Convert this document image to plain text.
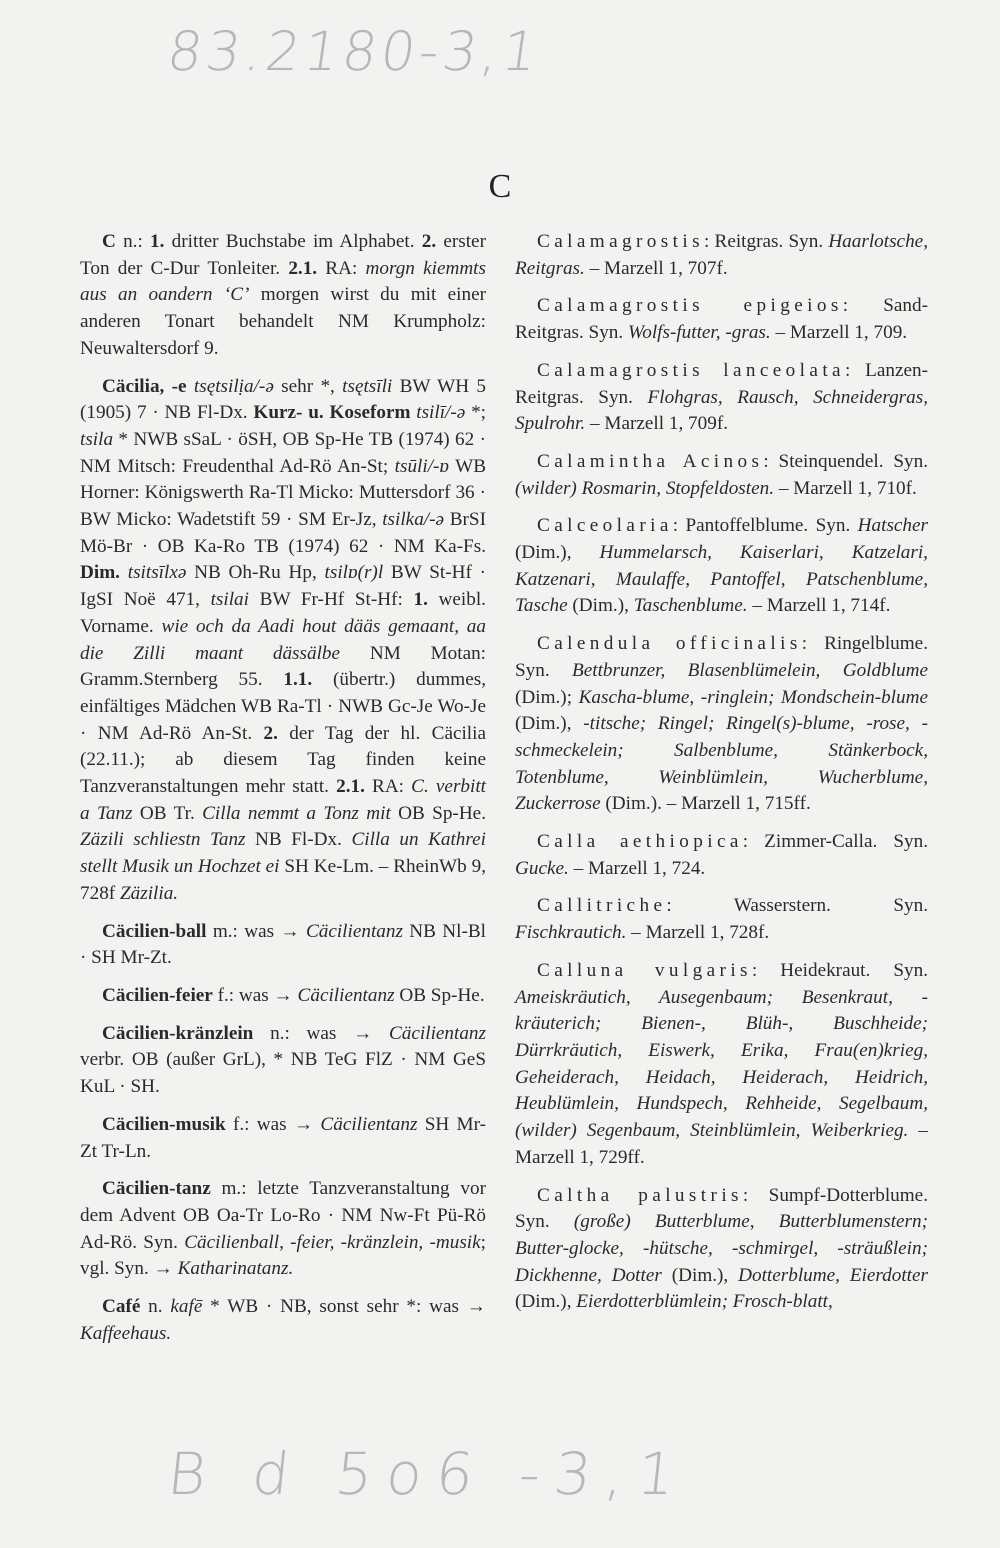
83.2180-3,1
C

C n.: 1. dritter Buchstabe im Alphabet. 2. erster Ton der C-Dur Tonleiter. 2.1. RA: morgn kiemmts aus an oandern ‘C’ morgen wirst du mit einer anderen Tonart behandelt NM Krumpholz: Neuwaltersdorf 9.

Cäcilia, -e tsętsilịa/-ə sehr *, tsętsīli BW WH 5 (1905) 7 · NB Fl-Dx. Kurz- u. Koseform tsilī/-ə *; tsila * NWB sSaL · öSH, OB Sp-He TB (1974) 62 · NM Mitsch: Freudenthal Ad-Rö An-St; tsūli/-ɒ WB Horner: Königswerth Ra-Tl Micko: Muttersdorf 36 · BW Micko: Wadetstift 59 · SM Er-Jz, tsilka/-ə BrSI Mö-Br · OB Ka-Ro TB (1974) 62 · NM Ka-Fs. Dim. tsitsīlxə NB Oh-Ru Hp, tsilɒ(r)l BW St-Hf · IgSI Noë 471, tsilai BW Fr-Hf St-Hf: 1. weibl. Vorname. wie och da Aadi hout dääs gemaant, aa die Zilli maant dässälbe NM Motan: Gramm.Sternberg 55. 1.1. (übertr.) dummes, einfältiges Mädchen WB Ra-Tl · NWB Gc-Je Wo-Je · NM Ad-Rö An-St. 2. der Tag der hl. Cäcilia (22.11.); ab diesem Tag finden keine Tanzveranstaltungen mehr statt. 2.1. RA: C. verbitt a Tanz OB Tr. Cilla nemmt a Tonz mit OB Sp-He. Zäzili schliestn Tanz NB Fl-Dx. Cilla un Kathrei stellt Musik un Hochzet ei SH Ke-Lm. – RheinWb 9, 728f Zäzilia.

Cäcilien-ball m.: was → Cäcilientanz NB Nl-Bl · SH Mr-Zt.

Cäcilien-feier f.: was → Cäcilientanz OB Sp-He.

Cäcilien-kränzlein n.: was → Cäcilientanz verbr. OB (außer GrL), * NB TeG FlZ · NM GeS KuL · SH.

Cäcilien-musik f.: was → Cäcilientanz SH Mr-Zt Tr-Ln.

Cäcilien-tanz m.: letzte Tanzveranstaltung vor dem Advent OB Oa-Tr Lo-Ro · NM Nw-Ft Pü-Rö Ad-Rö. Syn. Cäcilienball, -feier, -kränzlein, -musik; vgl. Syn. → Katharinatanz.

Café n. kafē * WB · NB, sonst sehr *: was → Kaffeehaus.

Calamagrostis: Reitgras. Syn. Haarlotsche, Reitgras. – Marzell 1, 707f.

Calamagrostis epigeios: Sand-Reitgras. Syn. Wolfs-futter, -gras. – Marzell 1, 709.

Calamagrostis lanceolata: Lanzen-Reitgras. Syn. Flohgras, Rausch, Schneidergras, Spulrohr. – Marzell 1, 709f.

Calamintha Acinos: Steinquendel. Syn. (wilder) Rosmarin, Stopfeldosten. – Marzell 1, 710f.

Calceolaria: Pantoffelblume. Syn. Hatscher (Dim.), Hummelarsch, Kaiserlari, Katzelari, Katzenari, Maulaffe, Pantoffel, Patschenblume, Tasche (Dim.), Taschenblume. – Marzell 1, 714f.

Calendula officinalis: Ringelblume. Syn. Bettbrunzer, Blasenblümelein, Goldblume (Dim.); Kascha-blume, -ringlein; Mondschein-blume (Dim.), -titsche; Ringel; Ringel(s)-blume, -rose, -schmeckelein; Salbenblume, Stänkerbock, Totenblume, Weinblümlein, Wucherblume, Zuckerrose (Dim.). – Marzell 1, 715ff.

Calla aethiopica: Zimmer-Calla. Syn. Gucke. – Marzell 1, 724.

Callitriche: Wasserstern. Syn. Fischkrautich. – Marzell 1, 728f.

Calluna vulgaris: Heidekraut. Syn. Ameiskräutich, Ausegenbaum; Besenkraut, -kräuterich; Bienen-, Blüh-, Buschheide; Dürrkräutich, Eiswerk, Erika, Frau(en)krieg, Geheiderach, Heidach, Heiderach, Heidrich, Heublümlein, Hundspech, Rehheide, Segelbaum, (wilder) Segenbaum, Steinblümlein, Weiberkrieg. – Marzell 1, 729ff.

Caltha palustris: Sumpf-Dotterblume. Syn. (große) Butterblume, Butterblumenstern; Butter-glocke, -hütsche, -schmirgel, -sträußlein; Dickhenne, Dotter (Dim.), Dotterblume, Eierdotter (Dim.), Eierdotterblümlein; Frosch-blatt,

B d 5o6 -3,1
